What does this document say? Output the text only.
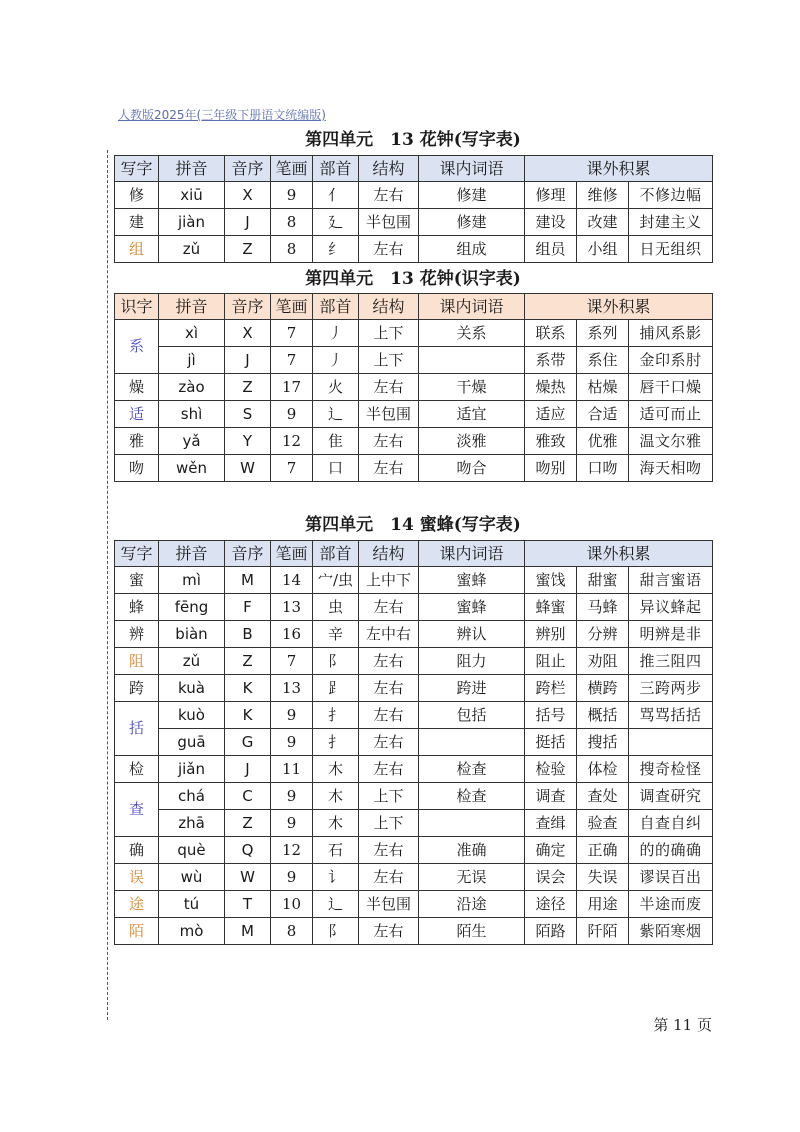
人教版2025年(三年级下册语文统编版)

第四单元　13 花钟(写字表)
写字	拼音	音序	笔画	部首	结构	课内词语	课外积累		
修	xiū	X	9	亻	左右	修建	修理	维修	不修边幅
建	jiàn	J	8	廴	半包围	修建	建设	改建	封建主义
组	zǔ	Z	8	纟	左右	组成	组员	小组	日无组织
第四单元　13 花钟(识字表)
识字	拼音	音序	笔画	部首	结构	课内词语	课外积累		
系	xì	X	7	丿	上下	关系	联系	系列	捕风系影
	jì	J	7	丿	上下		系带	系住	金印系肘
燥	zào	Z	17	火	左右	干燥	燥热	枯燥	唇干口燥
适	shì	S	9	辶	半包围	适宜	适应	合适	适可而止
雅	yǎ	Y	12	隹	左右	淡雅	雅致	优雅	温文尔雅
吻	wěn	W	7	口	左右	吻合	吻别	口吻	海天相吻
第四单元　14 蜜蜂(写字表)
写字	拼音	音序	笔画	部首	结构	课内词语	课外积累		
蜜	mì	M	14	宀/虫	上中下	蜜蜂	蜜饯	甜蜜	甜言蜜语
蜂	fēng	F	13	虫	左右	蜜蜂	蜂蜜	马蜂	异议蜂起
辨	biàn	B	16	辛	左中右	辨认	辨别	分辨	明辨是非
阻	zǔ	Z	7	阝	左右	阻力	阻止	劝阻	推三阻四
跨	kuà	K	13	⻊	左右	跨进	跨栏	横跨	三跨两步
括	kuò	K	9	扌	左右	包括	括号	概括	骂骂括括
	guā	G	9	扌	左右		挺括	搜括	
检	jiǎn	J	11	木	左右	检查	检验	体检	搜奇检怪
查	chá	C	9	木	上下	检查	调查	查处	调查研究
	zhā	Z	9	木	上下		查缉	验查	自查自纠
确	què	Q	12	石	左右	准确	确定	正确	的的确确
误	wù	W	9	讠	左右	无误	误会	失误	谬误百出
途	tú	T	10	辶	半包围	沿途	途径	用途	半途而废
陌	mò	M	8	阝	左右	陌生	陌路	阡陌	紫陌寒烟

第 11 页
